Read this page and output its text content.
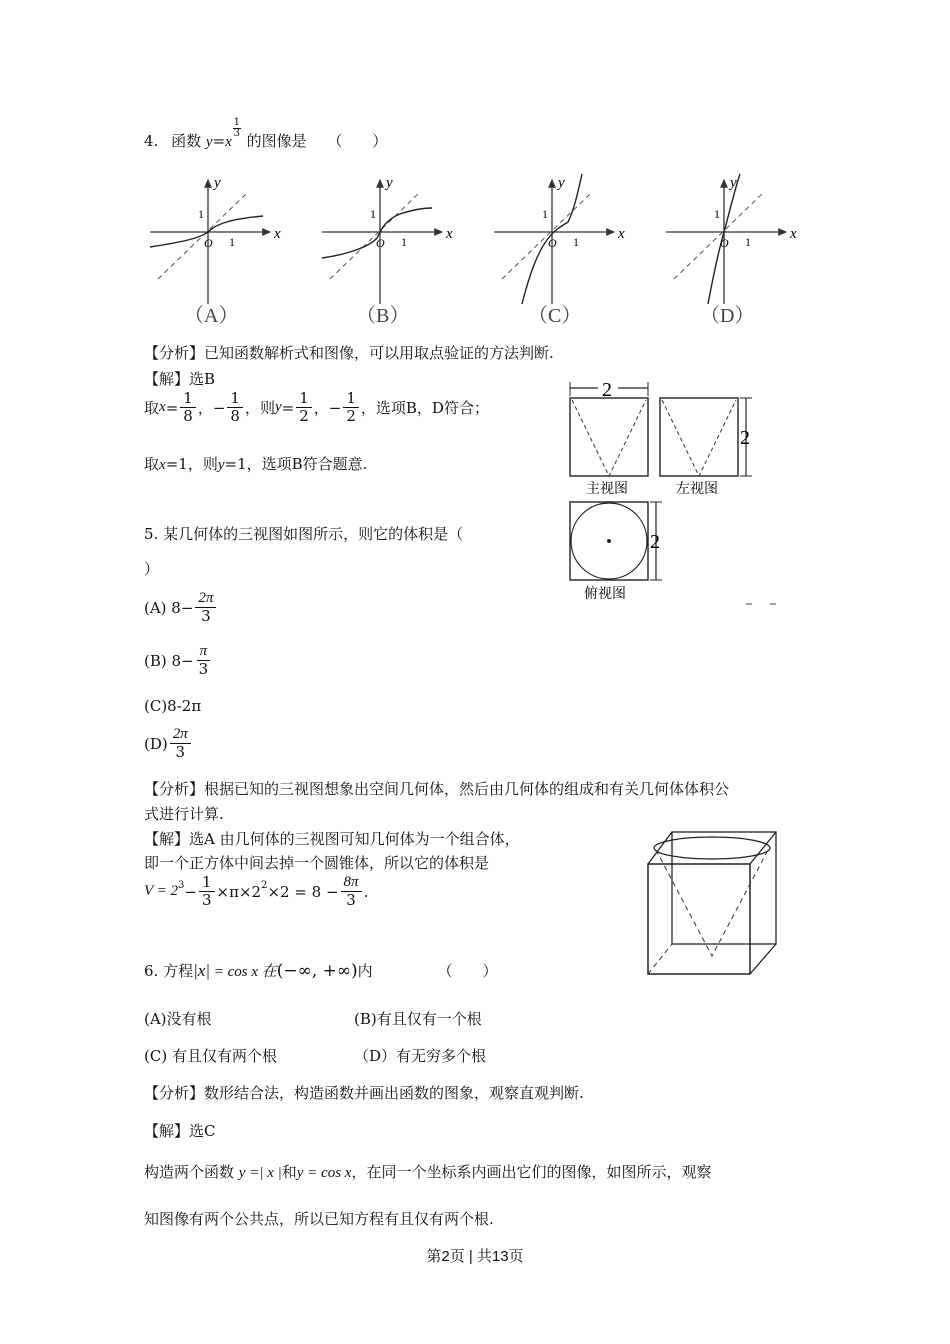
4. 函数 y=x
$\frac{1}{3}$
的图像是 （　　）
y
x
1
1
O
y
x
1
1
O
y
x
1
1
O
y
x
1
1
O
（A）	（B）	（C）	（D）
【分析】已知函数解析式和图像，可以用取点验证的方法判断.
【解】选B
取 $x = \frac{1}{8}$ ， − $\frac{1}{8}$ ，则 $y = \frac{1}{2}$ ， − $\frac{1}{2}$ ，选项B，D符合；
取x=1，则y=1，选项B符合题意.
2
主视图	左视图
2
俯视图
2
5. 某几何体的三视图如图所示，则它的体积是（
）
(A) $8- \frac{2\pi}{3}$
(B) $8- \frac{\pi}{3}$
(C)8-2π
$(D) \frac{2\pi}{3}$
【分析】根据已知的三视图想象出空间几何体，然后由几何体的组成和有关几何体体积公
式进行计算.
【解】选A 由几何体的三视图可知几何体为一个组合体，
即一个正方体中间去掉一个圆锥体，所以它的体积是
$V = 2^3 - \frac{1}{3} \times\pi\times 2^2 \times 2 = 8 - \frac{8\pi}{3}$ .
6. 方程|x| = cos x 在(−∞, +∞)内	（　　）
(A)没有根	(B)有且仅有一个根
(C) 有且仅有两个根	（D）有无穷多个根
【分析】数形结合法，构造函数并画出函数的图象，观察直观判断.
【解】选C
构造两个函数 y =| x |和y = cos x，在同一个坐标系内画出它们的图像，如图所示，观察
知图像有两个公共点，所以已知方程有且仅有两个根.
第2页 | 共13页
